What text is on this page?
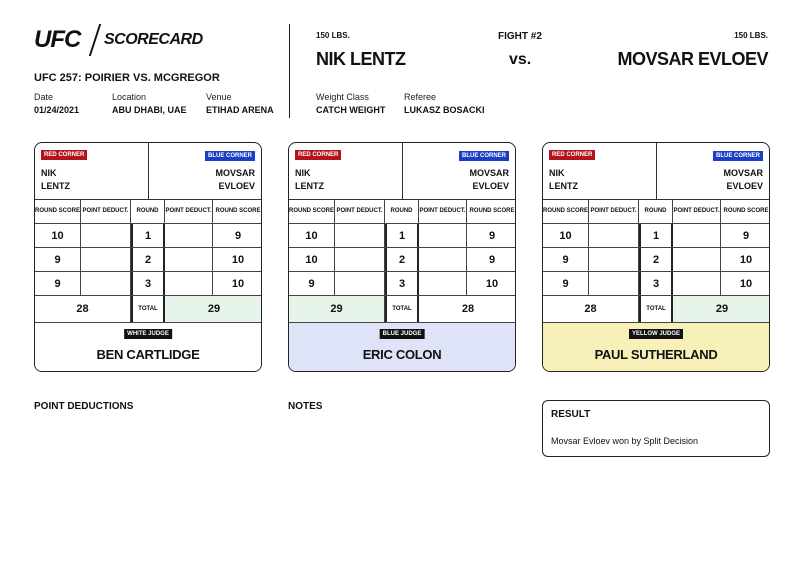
UFC SCORECARD
UFC 257: POIRIER VS. MCGREGOR
Date
01/24/2021
Location
ABU DHABI, UAE
Venue
ETIHAD ARENA
150 LBS.	FIGHT #2	150 LBS.
NIK LENTZ	vs.	MOVSAR EVLOEV
Weight Class
CATCH WEIGHT
Referee
LUKASZ BOSACKI
RED CORNER	BLUE CORNER
NIK
LENTZ
MOVSAR
EVLOEV
ROUND SCORE POINT DEDUCT.	ROUND	POINT DEDUCT. ROUND SCORE
10	1	9
9	2	10
9	3	10
28	TOTAL	29
WHITE JUDGE
BEN CARTLIDGE
RED CORNER	BLUE CORNER
NIK
LENTZ
MOVSAR
EVLOEV
ROUND SCORE POINT DEDUCT.	ROUND	POINT DEDUCT. ROUND SCORE
10	1	9
10	2	9
9	3	10
29	TOTAL	28
BLUE JUDGE
ERIC COLON
RED CORNER	BLUE CORNER
NIK
LENTZ
MOVSAR
EVLOEV
ROUND SCORE POINT DEDUCT.	ROUND	POINT DEDUCT. ROUND SCORE
10	1	9
9	2	10
9	3	10
28	TOTAL	29
YELLOW JUDGE
PAUL SUTHERLAND
POINT DEDUCTIONS	NOTES
RESULT
Movsar Evloev won by Split Decision
